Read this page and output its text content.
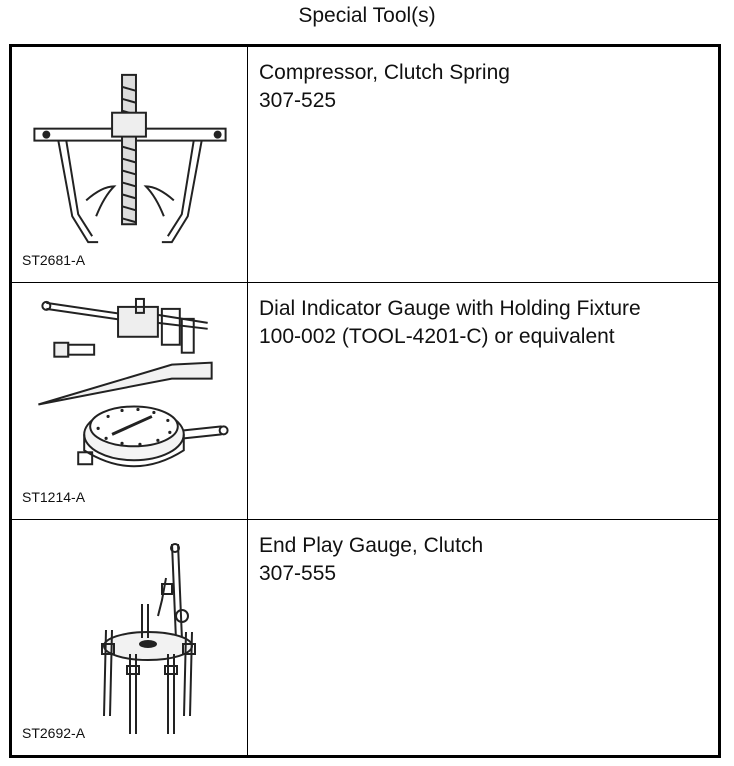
Special Tool(s)
ST2681-A
Compressor, Clutch Spring
307-525
ST1214-A
Dial Indicator Gauge with Holding Fixture
100-002 (TOOL-4201-C) or equivalent
ST2692-A
End Play Gauge, Clutch
307-555
